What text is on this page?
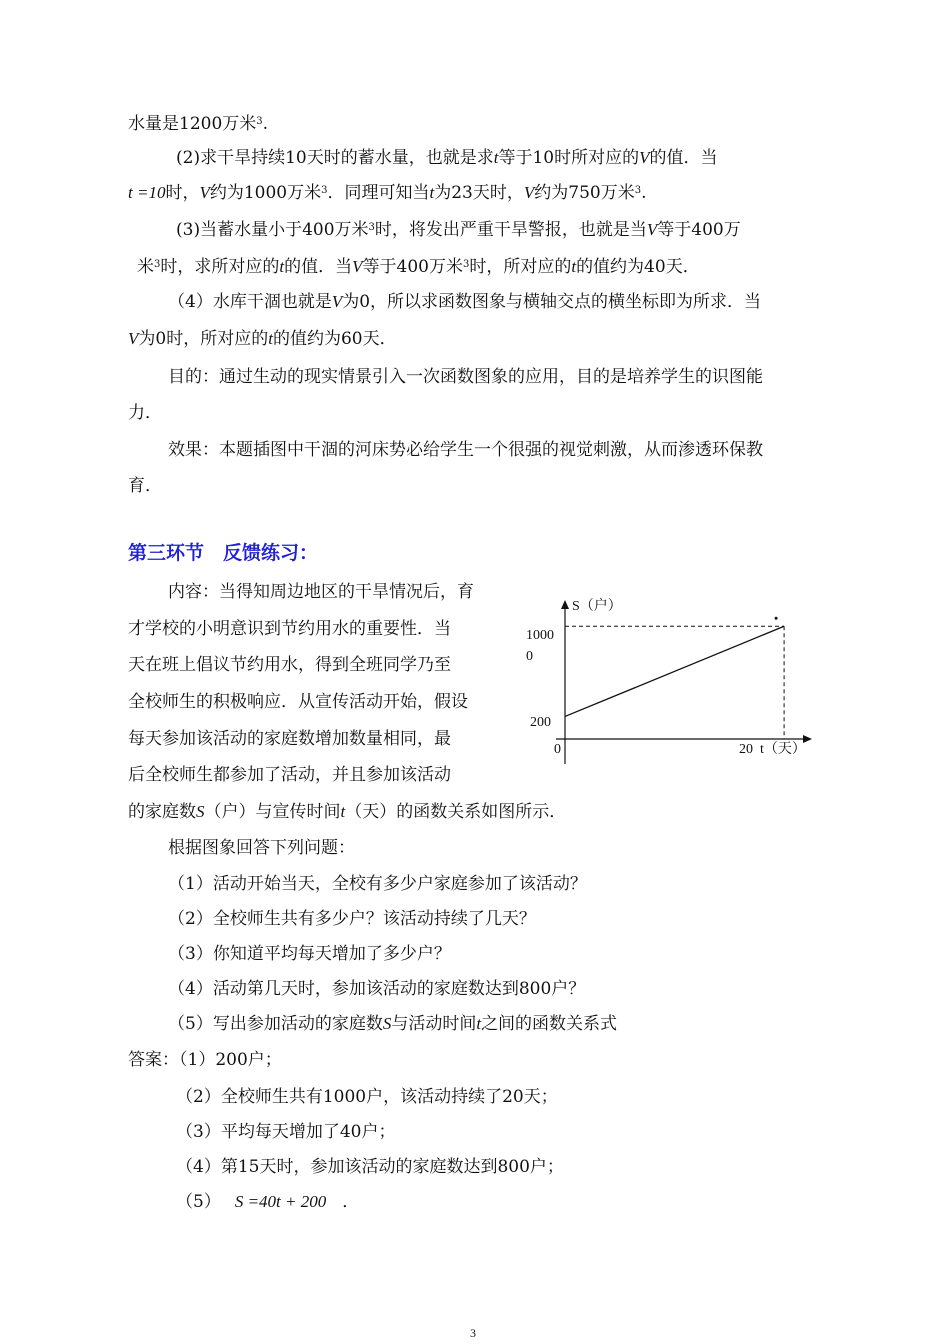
水量是1200万米$^3$.
(2)求干旱持续10天时的蓄水量，也就是求t等于10时所对应的V的值．当
t =10时，V约为1000万米$^3$．同理可知当t为23天时，V约为750万米$^3$.
(3)当蓄水量小于400万米$^3$时，将发出严重干旱警报，也就是当V等于400万
米$^3$时，求所对应的t的值．当V等于400万米$^3$时，所对应的t的值约为40天．
（4）水库干涸也就是V为0，所以求函数图象与横轴交点的横坐标即为所求．当
V为0时，所对应的t的值约为60天．
目的：通过生动的现实情景引入一次函数图象的应用，目的是培养学生的识图能
力．
效果：本题插图中干涸的河床势必给学生一个很强的视觉刺激，从而渗透环保教
育．
第三环节　反馈练习：
内容：当得知周边地区的干旱情况后，育
才学校的小明意识到节约用水的重要性．当
天在班上倡议节约用水，得到全班同学乃至
全校师生的积极响应．从宣传活动开始，假设
每天参加该活动的家庭数增加数量相同，最
后全校师生都参加了活动，并且参加该活动
的家庭数S（户）与宣传时间t（天）的函数关系如图所示．
S（户）
t（天）
0
1000
0
200
20
根据图象回答下列问题：
（1）活动开始当天，全校有多少户家庭参加了该活动？
（2）全校师生共有多少户？该活动持续了几天？
（3）你知道平均每天增加了多少户？
（4）活动第几天时，参加该活动的家庭数达到800户？
（5）写出参加活动的家庭数S与活动时间t之间的函数关系式
答案：（1）200户；
（2）全校师生共有1000户，该活动持续了20天；
（3）平均每天增加了40户；
（4）第15天时，参加该活动的家庭数达到800户；
（5） S =40t + 200 ．
3
